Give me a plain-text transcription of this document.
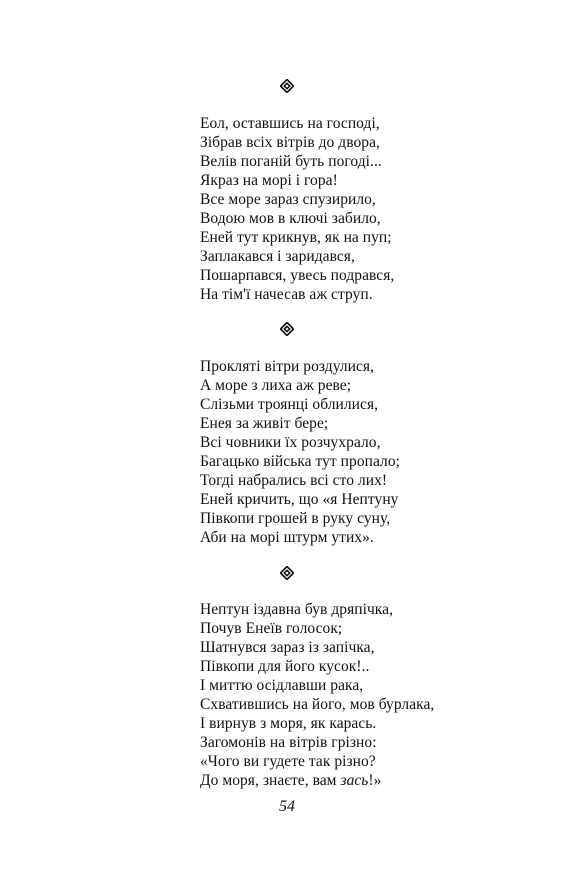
Еол, оставшись на господі,
Зібрав всіх вітрів до двора,
Велів поганій буть погоді...
Якраз на морі і гора!
Все море зараз спузирило,
Водою мов в ключі забило,
Еней тут крикнув, як на пуп;
Заплакався і заридався,
Пошарпався, увесь подрався,
На тім'ї начесав аж струп.
Прокляті вітри роздулися,
А море з лиха аж реве;
Слізьми троянці облилися,
Енея за живіт бере;
Всі човники їх розчухрало,
Багацько війська тут пропало;
Тогді набрались всі сто лих!
Еней кричить, що «я Нептуну
Півкопи грошей в руку суну,
Аби на морі штурм утих».
Нептун іздавна був дряпічка,
Почув Енеїв голосок;
Шатнувся зараз із запічка,
Півкопи для його кусок!..
І миттю осідлавши рака,
Схватившись на його, мов бурлака,
І вирнув з моря, як карась.
Загомонів на вітрів грізно:
«Чого ви гудете так різно?
До моря, знаєте, вам зась!»
54
